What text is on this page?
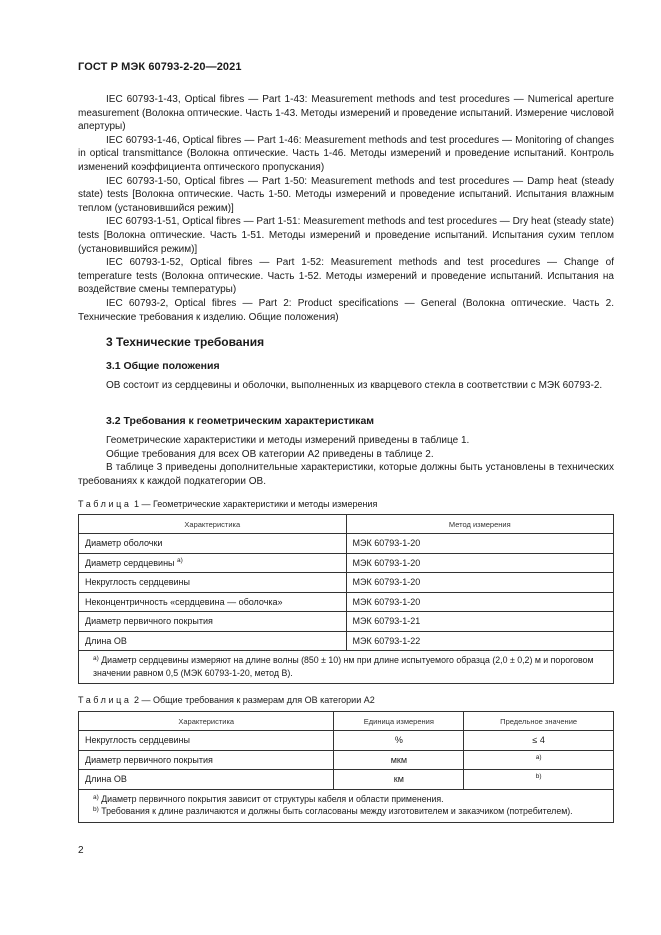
ГОСТ Р МЭК 60793-2-20—2021

IEC 60793-1-43, Optical fibres — Part 1-43: Measurement methods and test procedures — Numerical aperture measurement (Волокна оптические. Часть 1-43. Методы измерений и проведение испытаний. Измерение числовой апертуры)

IEC 60793-1-46, Optical fibres — Part 1-46: Measurement methods and test procedures — Monitoring of changes in optical transmittance (Волокна оптические. Часть 1-46. Методы измерений и проведение испытаний. Контроль изменений коэффициента оптического пропускания)

IEC 60793-1-50, Optical fibres — Part 1-50: Measurement methods and test procedures — Damp heat (steady state) tests [Волокна оптические. Часть 1-50. Методы измерений и проведение испытаний. Испытания влажным теплом (установившийся режим)]

IEC 60793-1-51, Optical fibres — Part 1-51: Measurement methods and test procedures — Dry heat (steady state) tests [Волокна оптические. Часть 1-51. Методы измерений и проведение испытаний. Испытания сухим теплом (установившийся режим)]

IEC 60793-1-52, Optical fibres — Part 1-52: Measurement methods and test procedures — Change of temperature tests (Волокна оптические. Часть 1-52. Методы измерений и проведение испытаний. Испытания на воздействие смены температуры)

IEC 60793-2, Optical fibres — Part 2: Product specifications — General (Волокна оптические. Часть 2. Технические требования к изделию. Общие положения)

3 Технические требования
3.1 Общие положения

ОВ состоит из сердцевины и оболочки, выполненных из кварцевого стекла в соответствии с МЭК 60793-2.

3.2 Требования к геометрическим характеристикам

Геометрические характеристики и методы измерений приведены в таблице 1.

Общие требования для всех ОВ категории А2 приведены в таблице 2.

В таблице 3 приведены дополнительные характеристики, которые должны быть установлены в технических требованиях к каждой подкатегории ОВ.

Таблица 1 — Геометрические характеристики и методы измерения
Характеристика	Метод измерения
Диаметр оболочки	МЭК 60793-1-20
Диаметр сердцевины $^{а)}$	МЭК 60793-1-20
Некруглость сердцевины	МЭК 60793-1-20
Неконцентричность «сердцевина — оболочка»	МЭК 60793-1-20
Диаметр первичного покрытия	МЭК 60793-1-21
Длина ОВ	МЭК 60793-1-22
$^{а)}$ Диаметр сердцевины измеряют на длине волны (850 ± 10) нм при длине испытуемого образца (2,0 ± 0,2) м и пороговом значении равном 0,5 (МЭК 60793-1-20, метод B).	
Таблица 2 — Общие требования к размерам для ОВ категории А2
Характеристика	Единица измерения	Предельное значение
Некруглость сердцевины	%	≤ 4
Диаметр первичного покрытия	мкм	$^{а)}$
Длина ОВ	км	$^{b)}$

$^{а)}$ Диаметр первичного покрытия зависит от структуры кабеля и области применения.
$^{b)}$ Требования к длине различаются и должны быть согласованы между изготовителем и заказчиком (потребителем).		
2
